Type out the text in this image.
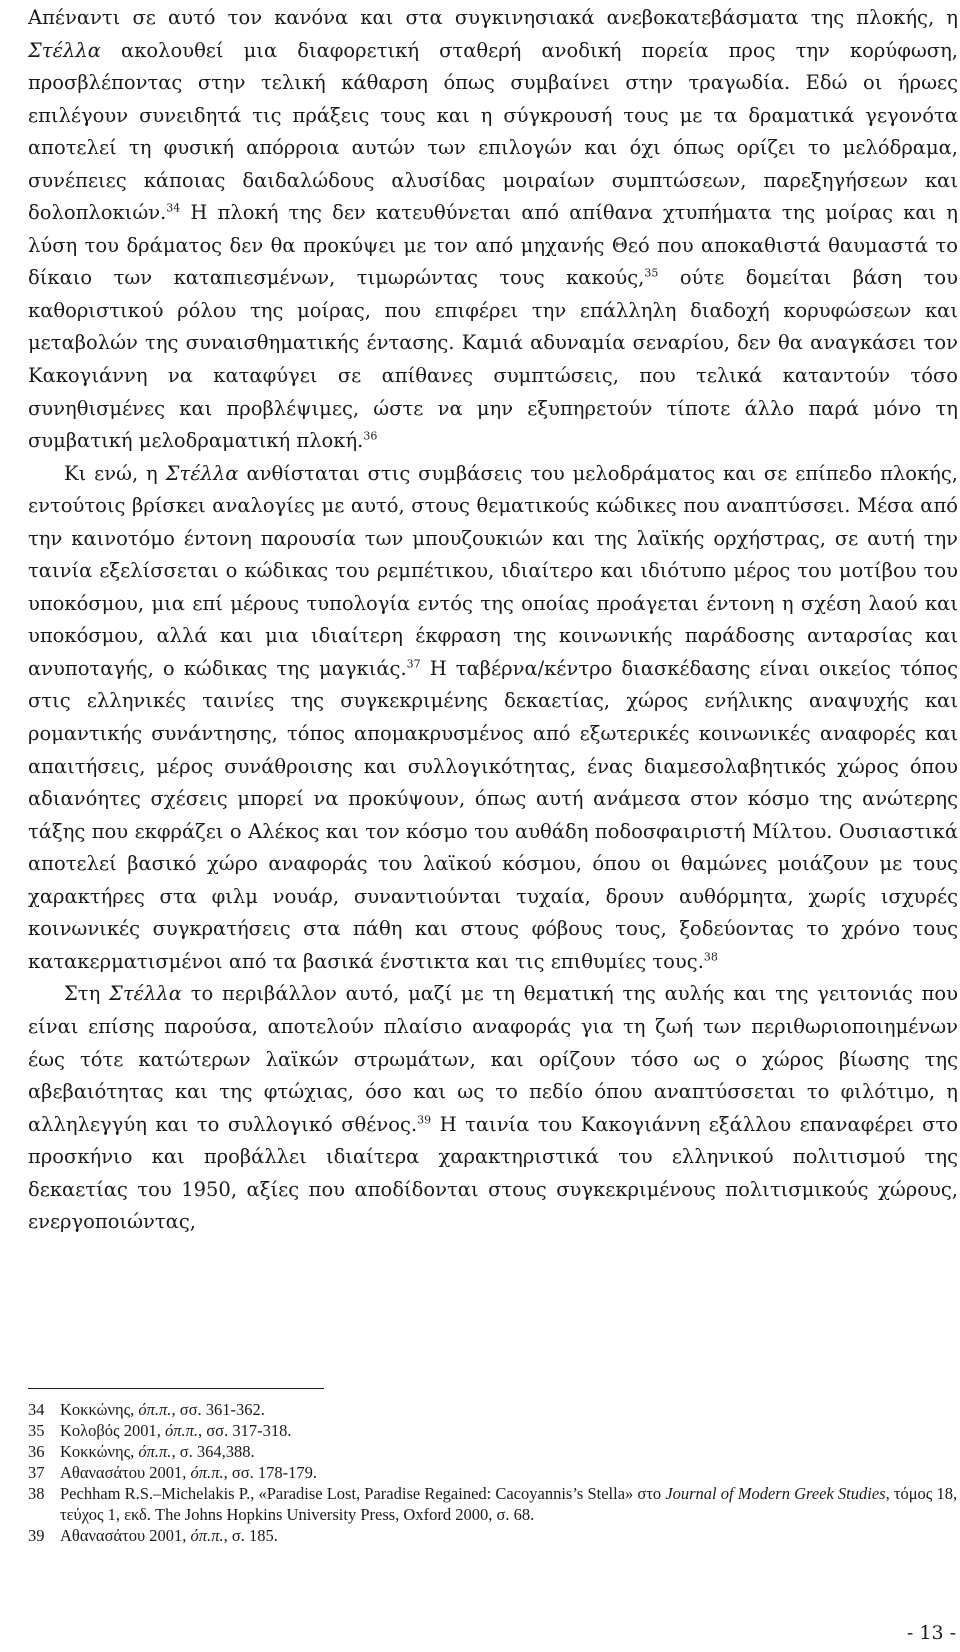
Απέναντι σε αυτό τον κανόνα και στα συγκινησιακά ανεβοκατεβάσματα της πλοκής, η Στέλλα ακολουθεί μια διαφορετική σταθερή ανοδική πορεία προς την κορύφωση, προσβλέποντας στην τελική κάθαρση όπως συμβαίνει στην τραγωδία. Εδώ οι ήρωες επιλέγουν συνειδητά τις πράξεις τους και η σύγκρουσή τους με τα δραματικά γεγονότα αποτελεί τη φυσική απόρροια αυτών των επιλογών και όχι όπως ορίζει το μελόδραμα, συνέπειες κάποιας δαιδαλώδους αλυσίδας μοιραίων συμπτώσεων, παρεξηγήσεων και δολοπλοκιών.$^{34}$ Η πλοκή της δεν κατευθύνεται από απίθανα χτυπήματα της μοίρας και η λύση του δράματος δεν θα προκύψει με τον από μηχανής Θεό που αποκαθιστά θαυμαστά το δίκαιο των καταπιεσμένων, τιμωρώντας τους κακούς,$^{35}$ ούτε δομείται βάση του καθοριστικού ρόλου της μοίρας, που επιφέρει την επάλληλη διαδοχή κορυφώσεων και μεταβολών της συναισθηματικής έντασης. Καμιά αδυναμία σεναρίου, δεν θα αναγκάσει τον Κακογιάννη να καταφύγει σε απίθανες συμπτώσεις, που τελικά καταντούν τόσο συνηθισμένες και προβλέψιμες, ώστε να μην εξυπηρετούν τίποτε άλλο παρά μόνο τη συμβατική μελοδραματική πλοκή.$^{36}$

Κι ενώ, η Στέλλα ανθίσταται στις συμβάσεις του μελοδράματος και σε επίπεδο πλοκής, εντούτοις βρίσκει αναλογίες με αυτό, στους θεματικούς κώδικες που αναπτύσσει. Μέσα από την καινοτόμο έντονη παρουσία των μπουζουκιών και της λαϊκής ορχήστρας, σε αυτή την ταινία εξελίσσεται ο κώδικας του ρεμπέτικου, ιδιαίτερο και ιδιότυπο μέρος του μοτίβου του υποκόσμου, μια επί μέρους τυπολογία εντός της οποίας προάγεται έντονη η σχέση λαού και υποκόσμου, αλλά και μια ιδιαίτερη έκφραση της κοινωνικής παράδοσης ανταρσίας και ανυποταγής, ο κώδικας της μαγκιάς.$^{37}$ Η ταβέρνα/κέντρο διασκέδασης είναι οικείος τόπος στις ελληνικές ταινίες της συγκεκριμένης δεκαετίας, χώρος ενήλικης αναψυχής και ρομαντικής συνάντησης, τόπος απομακρυσμένος από εξωτερικές κοινωνικές αναφορές και απαιτήσεις, μέρος συνάθροισης και συλλογικότητας, ένας διαμεσολαβητικός χώρος όπου αδιανόητες σχέσεις μπορεί να προκύψουν, όπως αυτή ανάμεσα στον κόσμο της ανώτερης τάξης που εκφράζει ο Αλέκος και τον κόσμο του αυθάδη ποδοσφαιριστή Μίλτου. Ουσιαστικά αποτελεί βασικό χώρο αναφοράς του λαϊκού κόσμου, όπου οι θαμώνες μοιάζουν με τους χαρακτήρες στα φιλμ νουάρ, συναντιούνται τυχαία, δρουν αυθόρμητα, χωρίς ισχυρές κοινωνικές συγκρατήσεις στα πάθη και στους φόβους τους, ξοδεύοντας το χρόνο τους κατακερματισμένοι από τα βασικά ένστικτα και τις επιθυμίες τους.$^{38}$

Στη Στέλλα το περιβάλλον αυτό, μαζί με τη θεματική της αυλής και της γειτονιάς που είναι επίσης παρούσα, αποτελούν πλαίσιο αναφοράς για τη ζωή των περιθωριοποιημένων έως τότε κατώτερων λαϊκών στρωμάτων, και ορίζουν τόσο ως ο χώρος βίωσης της αβεβαιότητας και της φτώχιας, όσο και ως το πεδίο όπου αναπτύσσεται το φιλότιμο, η αλληλεγγύη και το συλλογικό σθένος.$^{39}$ Η ταινία του Κακογιάννη εξάλλου επαναφέρει στο προσκήνιο και προβάλλει ιδιαίτερα χαρακτηριστικά του ελληνικού πολιτισμού της δεκαετίας του 1950, αξίες που αποδίδονται στους συγκεκριμένους πολιτισμικούς χώρους, ενεργοποιώντας,

34 Κοκκώνης, όπ.π., σσ. 361-362.
35 Κολοβός 2001, όπ.π., σσ. 317-318.
36 Κοκκώνης, όπ.π., σ. 364,388.
37 Αθανασάτου 2001, όπ.π., σσ. 178-179.
38 Pechham R.S.–Michelakis P., «Paradise Lost, Paradise Regained: Cacoyannis’s Stella» στο Journal of Modern Greek Studies, τόμος 18, τεύχος 1, εκδ. The Johns Hopkins University Press, Oxford 2000, σ. 68.
39 Αθανασάτου 2001, όπ.π., σ. 185.
- 13 -
